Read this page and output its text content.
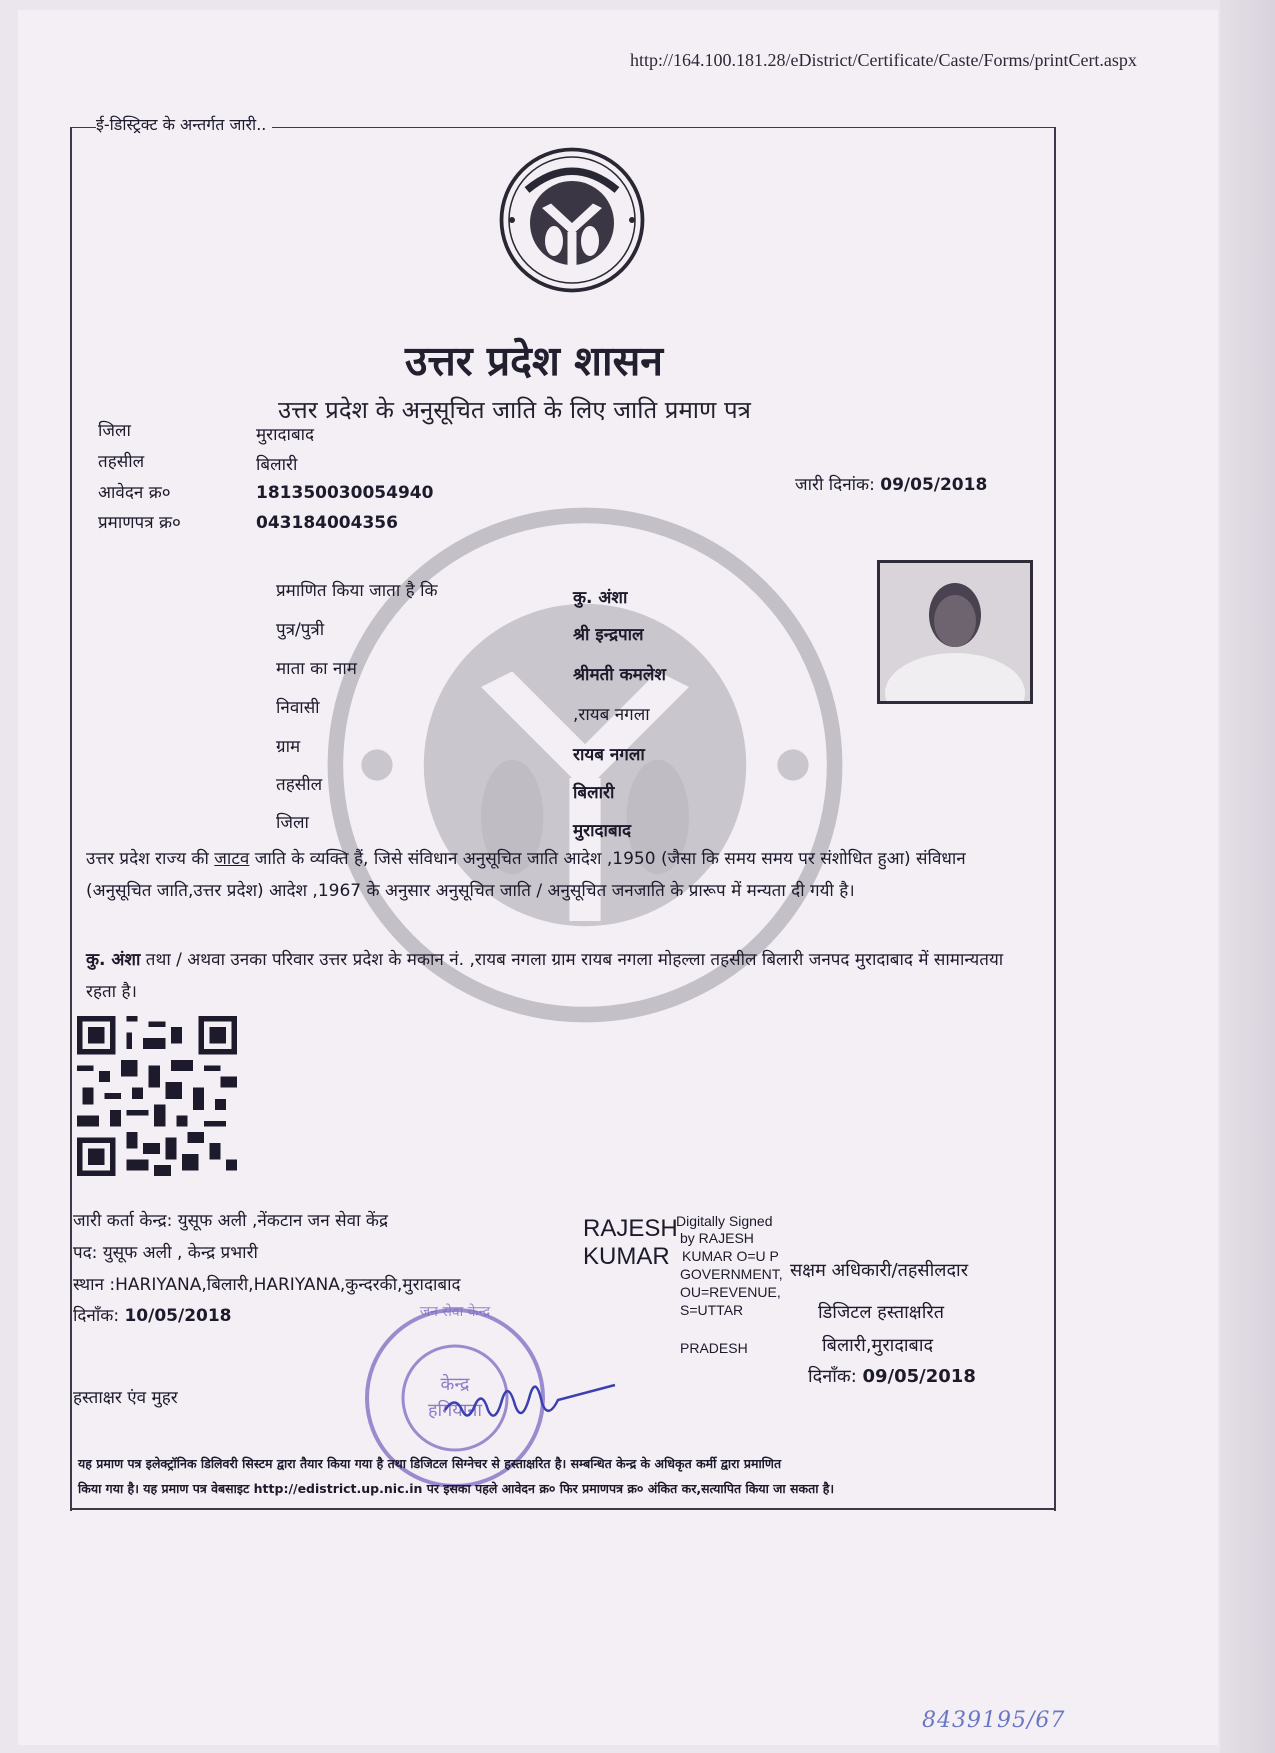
http://164.100.181.28/eDistrict/Certificate/Caste/Forms/printCert.aspx
ई-डिस्ट्रिक्ट के अन्तर्गत जारी..
उत्तर प्रदेश शासन
उत्तर प्रदेश के अनुसूचित जाति के लिए जाति प्रमाण पत्र
जिला	मुरादाबाद
तहसील	बिलारी
आवेदन क्र०	181350030054940
प्रमाणपत्र क्र०	043184004356
जारी दिनांक: 09/05/2018
प्रमाणित किया जाता है कि	कु. अंशा
पुत्र/पुत्री	श्री इन्द्रपाल
माता का नाम	श्रीमती कमलेश
निवासी	,रायब नगला
ग्राम	रायब नगला
तहसील	बिलारी
जिला	मुरादाबाद
उत्तर प्रदेश राज्य की जाटव जाति के व्यक्ति हैं, जिसे संविधान अनुसूचित जाति आदेश ,1950 (जैसा कि समय समय पर संशोधित हुआ) संविधान (अनुसूचित जाति,उत्तर प्रदेश) आदेश ,1967 के अनुसार अनुसूचित जाति / अनुसूचित जनजाति के प्रारूप में मन्यता दी गयी है।
कु. अंशा तथा / अथवा उनका परिवार उत्तर प्रदेश के मकान नं. ,रायब नगला ग्राम रायब नगला मोहल्ला तहसील बिलारी जनपद मुरादाबाद में सामान्यतया रहता है।
जारी कर्ता केन्द्र: युसूफ अली ,नेंकटान जन सेवा केंद्र
पद: युसूफ अली , केन्द्र प्रभारी
स्थान :HARIYANA,बिलारी,HARIYANA,कुन्दरकी,मुरादाबाद
दिनाँक: 10/05/2018
हस्ताक्षर एंव मुहर
जन सेवा केन्द्र
केन्द्र
हगियाना
RAJESH
KUMAR
Digitally Signed
by RAJESH
KUMAR O=U P
GOVERNMENT,
OU=REVENUE,
S=UTTAR
PRADESH
सक्षम अधिकारी/तहसीलदार
डिजिटल हस्ताक्षरित
बिलारी,मुरादाबाद
दिनाँक: 09/05/2018
यह प्रमाण पत्र इलेक्ट्रॉनिक डिलिवरी सिस्टम द्वारा तैयार किया गया है तथा डिजिटल सिग्नेचर से हस्ताक्षरित है। सम्बन्धित केन्द्र के अधिकृत कर्मी द्वारा प्रमाणित
किया गया है। यह प्रमाण पत्र वेबसाइट http://edistrict.up.nic.in पर इसका पहले आवेदन क्र० फिर प्रमाणपत्र क्र० अंकित कर,सत्यापित किया जा सकता है।
8439195/67
